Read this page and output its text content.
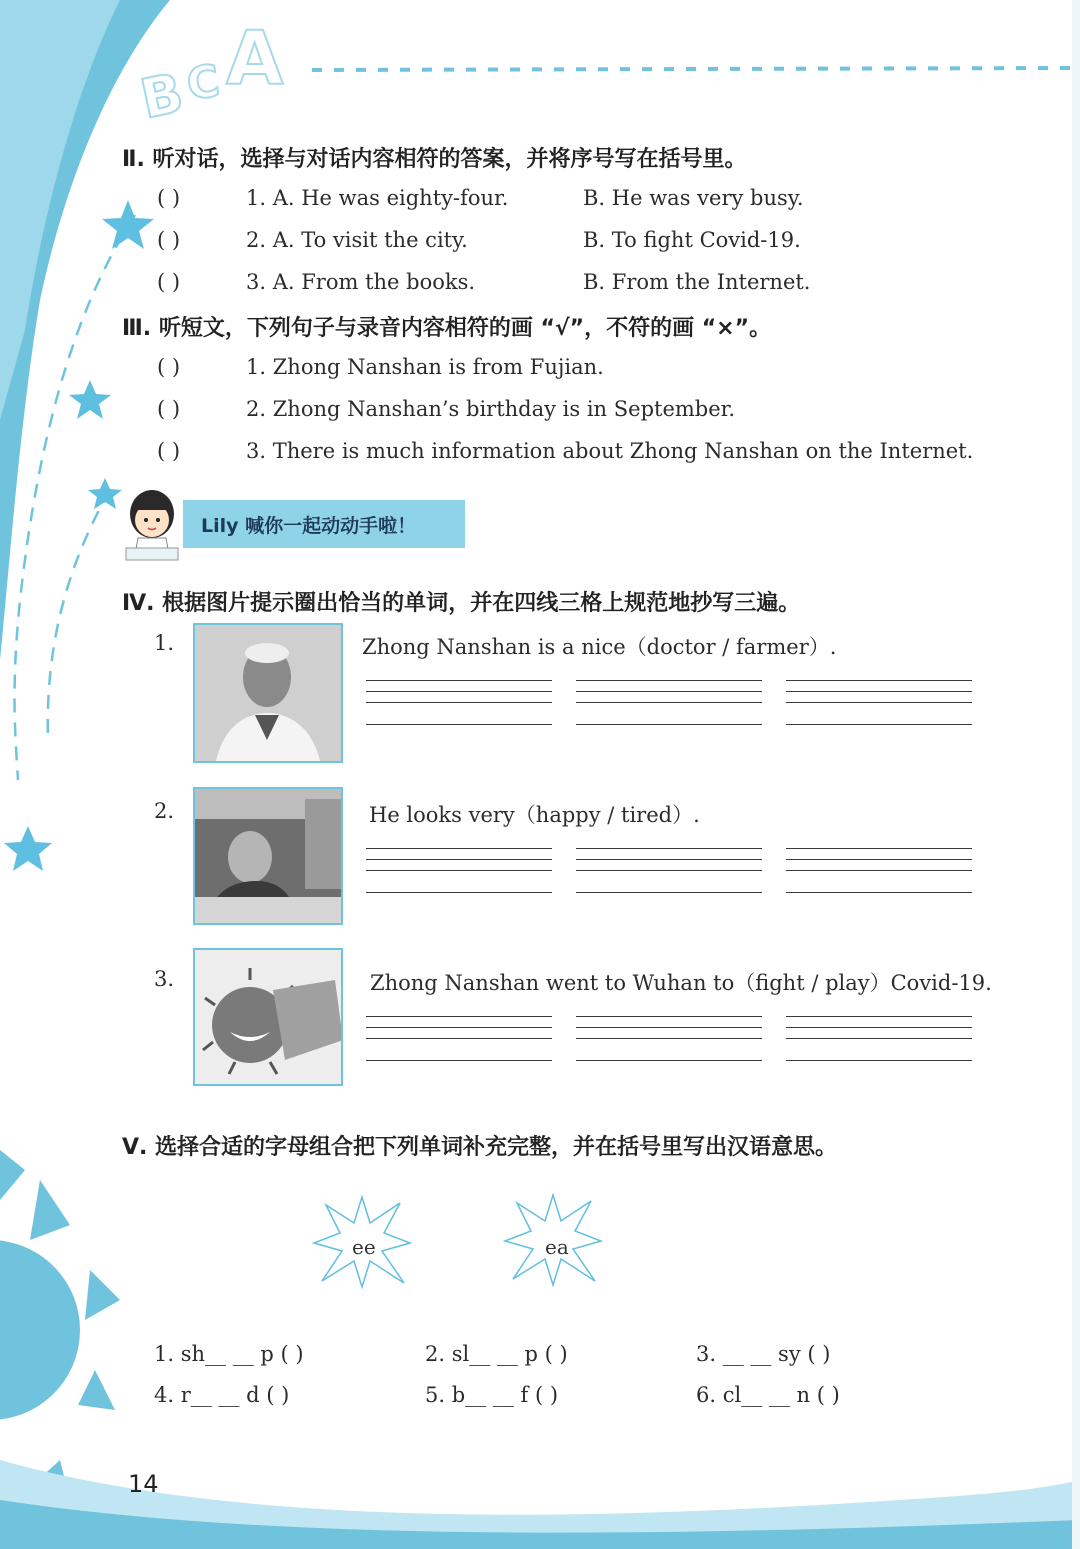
B
C A
Ⅱ. 听对话，选择与对话内容相符的答案，并将序号写在括号里。
( )	1. A. He was eighty-four.	B. He was very busy.
( )	2. A. To visit the city.	B. To fight Covid-19.
( )	3. A. From the books.	B. From the Internet.
Ⅲ. 听短文，下列句子与录音内容相符的画 “√”，不符的画 “×”。
( )	1. Zhong Nanshan is from Fujian.
( )	2. Zhong Nanshan’s birthday is in September.
( )	3. There is much information about Zhong Nanshan on the Internet.
Lily 喊你一起动动手啦！
Ⅳ. 根据图片提示圈出恰当的单词，并在四线三格上规范地抄写三遍。
1.	Zhong Nanshan is a nice（doctor / farmer）.
2.	He looks very（happy / tired）.
3.	Zhong Nanshan went to Wuhan to（fight / play）Covid-19.
Ⅴ. 选择合适的字母组合把下列单词补充完整，并在括号里写出汉语意思。
ee	ea
1. sh__ __ p ( )	2. sl__ __ p ( )	3. __ __ sy ( )
4. r__ __ d ( )	5. b__ __ f ( )	6. cl__ __ n ( )
14
